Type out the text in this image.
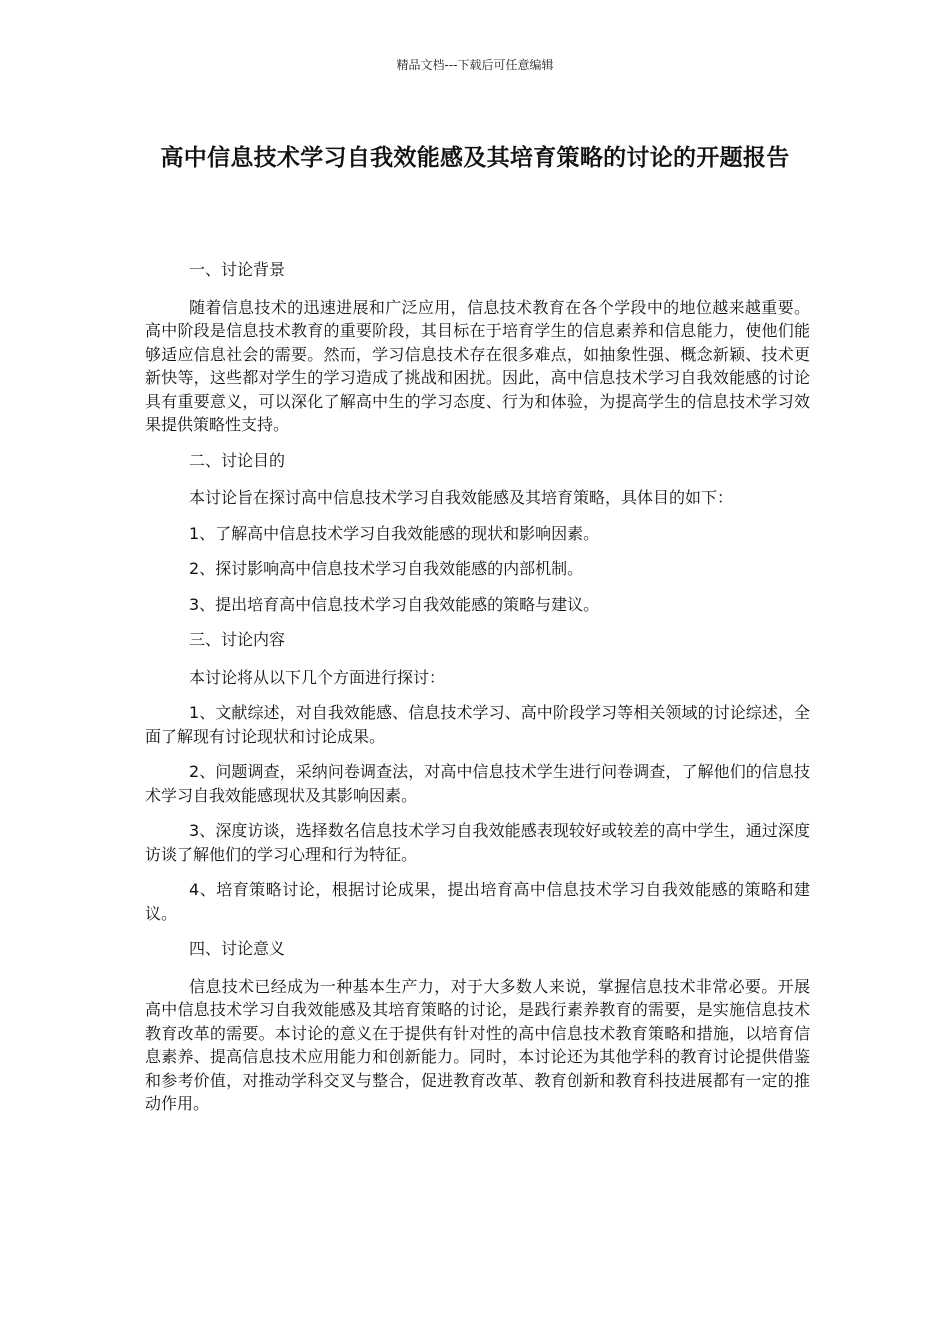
精品文档---下载后可任意编辑
高中信息技术学习自我效能感及其培育策略的讨论的开题报告

一、讨论背景

随着信息技术的迅速进展和广泛应用，信息技术教育在各个学段中的地位越来越重要。高中阶段是信息技术教育的重要阶段，其目标在于培育学生的信息素养和信息能力，使他们能够适应信息社会的需要。然而，学习信息技术存在很多难点，如抽象性强、概念新颖、技术更新快等，这些都对学生的学习造成了挑战和困扰。因此，高中信息技术学习自我效能感的讨论具有重要意义，可以深化了解高中生的学习态度、行为和体验，为提高学生的信息技术学习效果提供策略性支持。

二、讨论目的

本讨论旨在探讨高中信息技术学习自我效能感及其培育策略，具体目的如下：

1、了解高中信息技术学习自我效能感的现状和影响因素。

2、探讨影响高中信息技术学习自我效能感的内部机制。

3、提出培育高中信息技术学习自我效能感的策略与建议。

三、讨论内容

本讨论将从以下几个方面进行探讨：

1、文献综述，对自我效能感、信息技术学习、高中阶段学习等相关领域的讨论综述，全面了解现有讨论现状和讨论成果。

2、问题调查，采纳问卷调查法，对高中信息技术学生进行问卷调查，了解他们的信息技术学习自我效能感现状及其影响因素。

3、深度访谈，选择数名信息技术学习自我效能感表现较好或较差的高中学生，通过深度访谈了解他们的学习心理和行为特征。

4、培育策略讨论，根据讨论成果，提出培育高中信息技术学习自我效能感的策略和建议。

四、讨论意义

信息技术已经成为一种基本生产力，对于大多数人来说，掌握信息技术非常必要。开展高中信息技术学习自我效能感及其培育策略的讨论，是践行素养教育的需要，是实施信息技术教育改革的需要。本讨论的意义在于提供有针对性的高中信息技术教育策略和措施，以培育信息素养、提高信息技术应用能力和创新能力。同时，本讨论还为其他学科的教育讨论提供借鉴和参考价值，对推动学科交叉与整合，促进教育改革、教育创新和教育科技进展都有一定的推动作用。
